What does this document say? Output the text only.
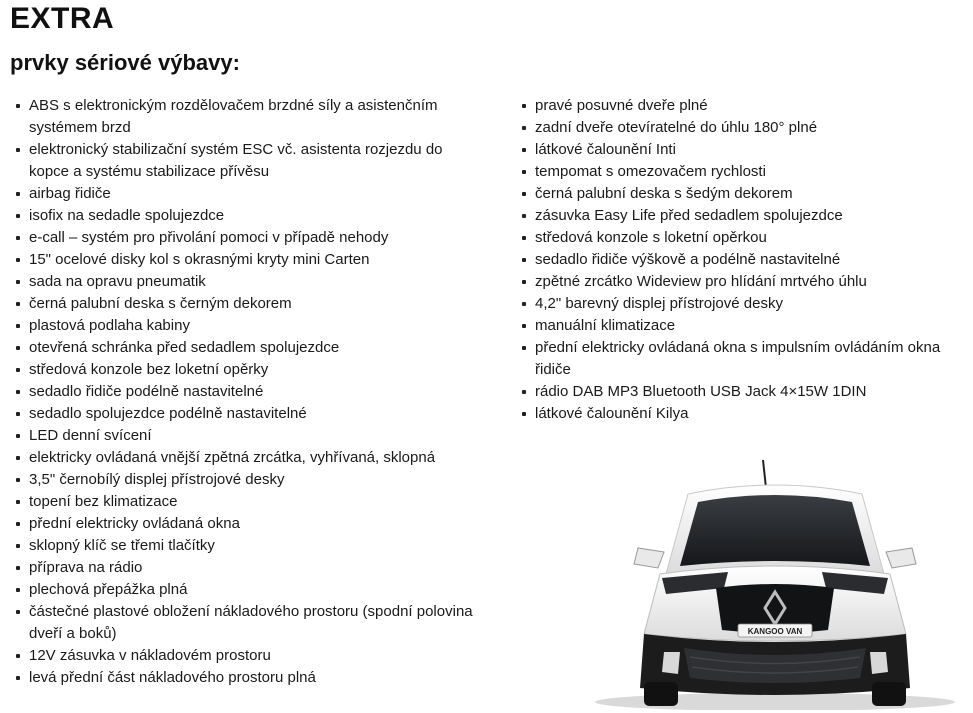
EXTRA
prvky sériové výbavy:
ABS s elektronickým rozdělovačem brzdné síly a asistenčním systémem brzd
elektronický stabilizační systém ESC vč. asistenta rozjezdu do kopce a systému stabilizace přívěsu
airbag řidiče
isofix na sedadle spolujezdce
e-call – systém pro přivolání pomoci v případě nehody
15" ocelové disky kol s okrasnými kryty mini Carten
sada na opravu pneumatik
černá palubní deska s černým dekorem
plastová podlaha kabiny
otevřená schránka před sedadlem spolujezdce
středová konzole bez loketní opěrky
sedadlo řidiče podélně nastavitelné
sedadlo spolujezdce podélně nastavitelné
LED denní svícení
elektricky ovládaná vnější zpětná zrcátka, vyhřívaná, sklopná
3,5" černobílý displej přístrojové desky
topení bez klimatizace
přední elektricky ovládaná okna
sklopný klíč se třemi tlačítky
příprava na rádio
plechová přepážka plná
částečné plastové obložení nákladového prostoru (spodní polovina dveří a boků)
12V zásuvka v nákladovém prostoru
levá přední část nákladového prostoru plná
pravé posuvné dveře plné
zadní dveře otevíratelné do úhlu 180° plné
látkové čalounění Inti
tempomat s omezovačem rychlosti
černá palubní deska s šedým dekorem
zásuvka Easy Life před sedadlem spolujezdce
středová konzole s loketní opěrkou
sedadlo řidiče výškově a podélně nastavitelné
zpětné zrcátko Wideview pro hlídání mrtvého úhlu
4,2" barevný displej přístrojové desky
manuální klimatizace
přední elektricky ovládaná okna s impulsním ovládáním okna řidiče
rádio DAB MP3 Bluetooth USB Jack 4×15W 1DIN
látkové čalounění Kilya
KANGOO VAN
